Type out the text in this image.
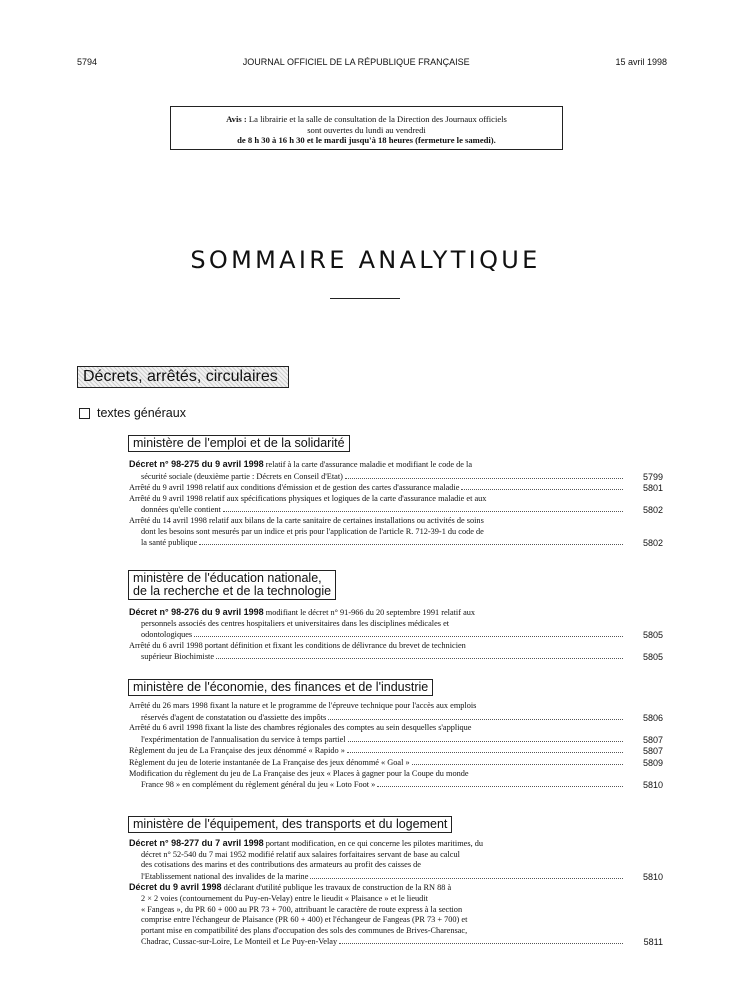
5794	JOURNAL OFFICIEL DE LA RÉPUBLIQUE FRANÇAISE	15 avril 1998
Avis : La librairie et la salle de consultation de la Direction des Journaux officiels
sont ouvertes du lundi au vendredi
de 8 h 30 à 16 h 30 et le mardi jusqu'à 18 heures (fermeture le samedi).
SOMMAIRE ANALYTIQUE
Décrets, arrêtés, circulaires
textes généraux
ministère de l'emploi et de la solidarité
Décret n° 98-275 du 9 avril 1998 relatif à la carte d'assurance maladie et modifiant le code de la
sécurité sociale (deuxième partie : Décrets en Conseil d'Etat)	5799
Arrêté du 9 avril 1998 relatif aux conditions d'émission et de gestion des cartes d'assurance maladie	5801
Arrêté du 9 avril 1998 relatif aux spécifications physiques et logiques de la carte d'assurance maladie et aux
données qu'elle contient	5802
Arrêté du 14 avril 1998 relatif aux bilans de la carte sanitaire de certaines installations ou activités de soins
dont les besoins sont mesurés par un indice et pris pour l'application de l'article R. 712-39-1 du code de
la santé publique	5802
ministère de l'éducation nationale,
de la recherche et de la technologie
Décret n° 98-276 du 9 avril 1998 modifiant le décret n° 91-966 du 20 septembre 1991 relatif aux
personnels associés des centres hospitaliers et universitaires dans les disciplines médicales et
odontologiques	5805
Arrêté du 6 avril 1998 portant définition et fixant les conditions de délivrance du brevet de technicien
supérieur Biochimiste	5805
ministère de l'économie, des finances et de l'industrie
Arrêté du 26 mars 1998 fixant la nature et le programme de l'épreuve technique pour l'accès aux emplois
réservés d'agent de constatation ou d'assiette des impôts	5806
Arrêté du 6 avril 1998 fixant la liste des chambres régionales des comptes au sein desquelles s'applique
l'expérimentation de l'annualisation du service à temps partiel	5807
Règlement du jeu de La Française des jeux dénommé « Rapido »	5807
Règlement du jeu de loterie instantanée de La Française des jeux dénommé « Goal »	5809
Modification du règlement du jeu de La Française des jeux « Places à gagner pour la Coupe du monde
France 98 » en complément du règlement général du jeu « Loto Foot »	5810
ministère de l'équipement, des transports et du logement
Décret n° 98-277 du 7 avril 1998 portant modification, en ce qui concerne les pilotes maritimes, du
décret n° 52-540 du 7 mai 1952 modifié relatif aux salaires forfaitaires servant de base au calcul
des cotisations des marins et des contributions des armateurs au profit des caisses de
l'Etablissement national des invalides de la marine	5810
Décret du 9 avril 1998 déclarant d'utilité publique les travaux de construction de la RN 88 à
2 × 2 voies (contournement du Puy-en-Velay) entre le lieudit « Plaisance » et le lieudit
« Fangeas », du PR 60 + 000 au PR 73 + 700, attribuant le caractère de route express à la section
comprise entre l'échangeur de Plaisance (PR 60 + 400) et l'échangeur de Fangeas (PR 73 + 700) et
portant mise en compatibilité des plans d'occupation des sols des communes de Brives-Charensac,
Chadrac, Cussac-sur-Loire, Le Monteil et Le Puy-en-Velay	5811
